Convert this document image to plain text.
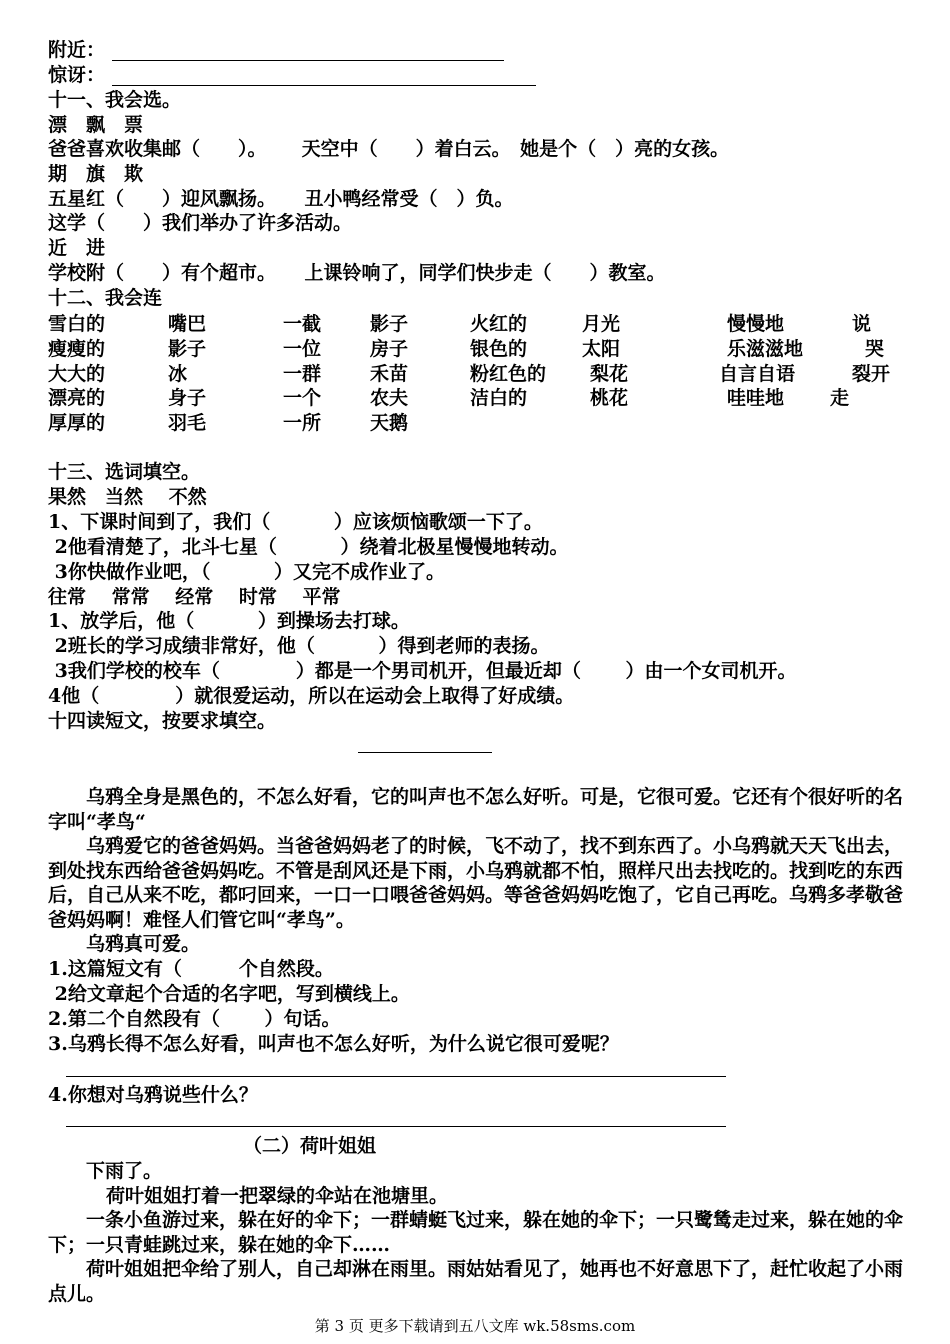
附近：
惊讶：
十一、我会选。
漂　飘　票
爸爸喜欢收集邮（　　）。　　 天空中（　　）着白云。　她是个（　）亮的女孩。
期　旗　欺
五星红（　　）迎风飘扬。　　丑小鸭经常受（　）负。
这学（　　）我们举办了许多活动。
近　进
学校附（　　）有个超市。　　上课铃响了，同学们快步走（　　）教室。
十二、我会连
雪白的	嘴巴	一截	影子	火红的	月光	慢慢地	说
瘦瘦的	影子	一位	房子	银色的	太阳	乐滋滋地	哭
大大的	冰	一群	禾苗	粉红色的 梨花	自言自语	裂开
漂亮的	身子	一个	农夫	洁白的	桃花	哇哇地 走
厚厚的	羽毛	一所	天鹅
十三、选词填空。
果然　当然　 不然
1、下课时间到了，我们（　　　 ）应该烦恼歌颂一下了。
2他看清楚了，北斗七星（　　　 ）绕着北极星慢慢地转动。
3你快做作业吧，（　　　 ）又完不成作业了。
往常　 常常　 经常　 时常　 平常
1、放学后，他（　　　 ）到操场去打球。
2班长的学习成绩非常好，他（　　　 ）得到老师的表扬。
3我们学校的校车（　　　　）都是一个男司机开，但最近却（　　 ）由一个女司机开。
4他（　　　　）就很爱运动，所以在运动会上取得了好成绩。
十四读短文，按要求填空。
　　乌鸦全身是黑色的，不怎么好看，它的叫声也不怎么好听。可是，它很可爱。它还有个很好听的名字叫“孝鸟“
　　乌鸦爱它的爸爸妈妈。当爸爸妈妈老了的时候，飞不动了，找不到东西了。小乌鸦就天天飞出去，到处找东西给爸爸妈妈吃。不管是刮风还是下雨，小乌鸦就都不怕，照样尺出去找吃的。找到吃的东西后，自己从来不吃，都叼回来，一口一口喂爸爸妈妈。等爸爸妈妈吃饱了，它自己再吃。乌鸦多孝敬爸爸妈妈啊！难怪人们管它叫“孝鸟”。
　　乌鸦真可爱。
1.这篇短文有（　　　个自然段。
2给文章起个合适的名字吧，写到横线上。
2.第二个自然段有（　　 ）句话。
3.乌鸦长得不怎么好看，叫声也不怎么好听，为什么说它很可爱呢？
4.你想对乌鸦说些什么？
（二）荷叶姐姐
　　下雨了。
　　荷叶姐姐打着一把翠绿的伞站在池塘里。
　　一条小鱼游过来，躲在好的伞下；一群蜻蜓飞过来，躲在她的伞下；一只鹭鸶走过来，躲在她的伞下；一只青蛙跳过来，躲在她的伞下……
　　荷叶姐姐把伞给了别人，自己却淋在雨里。雨姑姑看见了，她再也不好意思下了，赶忙收起了小雨点儿。
第 3 页 更多下载请到五八文库 wk.58sms.com
